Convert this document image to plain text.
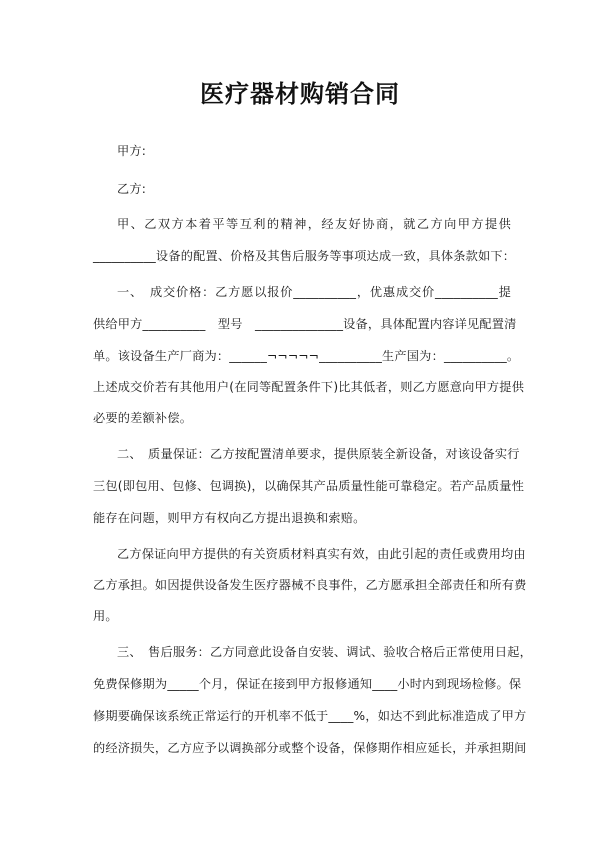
医疗器材购销合同
甲方:
乙方:
甲、乙双方本着平等互利的精神，经友好协商，就乙方向甲方提供
__________设备的配置、价格及其售后服务等事项达成一致，具体条款如下：
一、　成交价格：乙方愿以报价__________，优惠成交价__________提
供给甲方__________　型号　______________设备，具体配置内容详见配置清
单。该设备生产厂商为：______¬¬¬¬¬__________生产国为：__________。
上述成交价若有其他用户(在同等配置条件下)比其低者，则乙方愿意向甲方提供
必要的差额补偿。
二、　质量保证：乙方按配置清单要求，提供原装全新设备，对该设备实行
三包(即包用、包修、包调换)，以确保其产品质量性能可靠稳定。若产品质量性
能存在问题，则甲方有权向乙方提出退换和索赔。
乙方保证向甲方提供的有关资质材料真实有效，由此引起的责任或费用均由
乙方承担。如因提供设备发生医疗器械不良事件，乙方愿承担全部责任和所有费
用。
三、　售后服务：乙方同意此设备自安装、调试、验收合格后正常使用日起，
免费保修期为_____个月，保证在接到甲方报修通知____小时内到现场检修。保
修期要确保该系统正常运行的开机率不低于____%，如达不到此标准造成了甲方
的经济损失，乙方应予以调换部分或整个设备，保修期作相应延长，并承担期间
